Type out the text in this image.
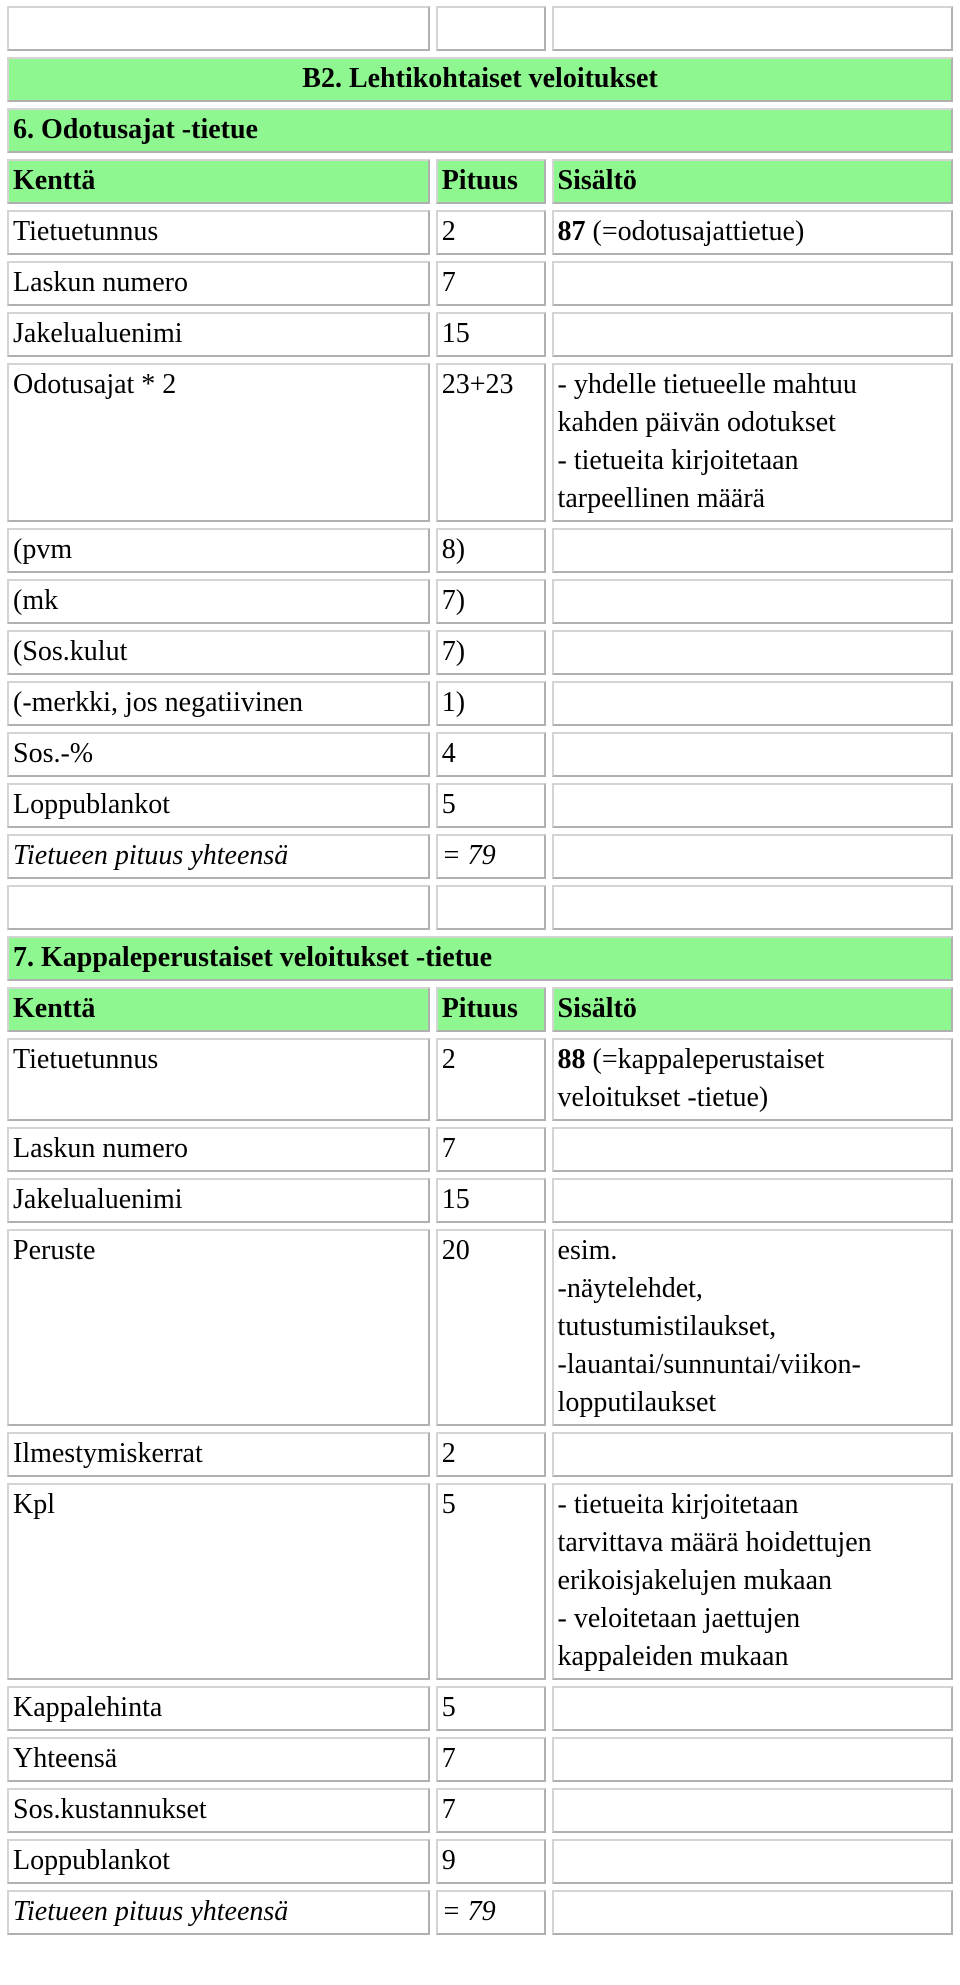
B2. Lehtikohtaiset veloitukset		
6. Odotusajat -tietue		
Kenttä	Pituus	Sisältö
Tietuetunnus	2	87 (=odotusajattietue)
Laskun numero	7	
Jakelualuenimi	15	
Odotusajat * 2	23+23	- yhdelle tietueelle mahtuu
kahden päivän odotukset
- tietueita kirjoitetaan
tarpeellinen määrä

(pvm	8)	
(mk	7)	
(Sos.kulut	7)	
(-merkki, jos negatiivinen	1)	
Sos.-%	4	
Loppublankot	5	
Tietueen pituus yhteensä	= 79	

7. Kappaleperustaiset veloitukset -tietue		
Kenttä	Pituus	Sisältö
Tietuetunnus	2	88 (=kappaleperustaiset
veloitukset -tietue)

Laskun numero	7	
Jakelualuenimi	15	
Peruste	20	esim.
-näytelehdet,
tutustumistilaukset,
-lauantai/sunnuntai/viikon-
lopputilaukset

Ilmestymiskerrat	2	
Kpl	5	- tietueita kirjoitetaan
tarvittava määrä hoidettujen
erikoisjakelujen mukaan
- veloitetaan jaettujen
kappaleiden mukaan

Kappalehinta	5	
Yhteensä	7	
Sos.kustannukset	7	
Loppublankot	9	
Tietueen pituus yhteensä	= 79	
